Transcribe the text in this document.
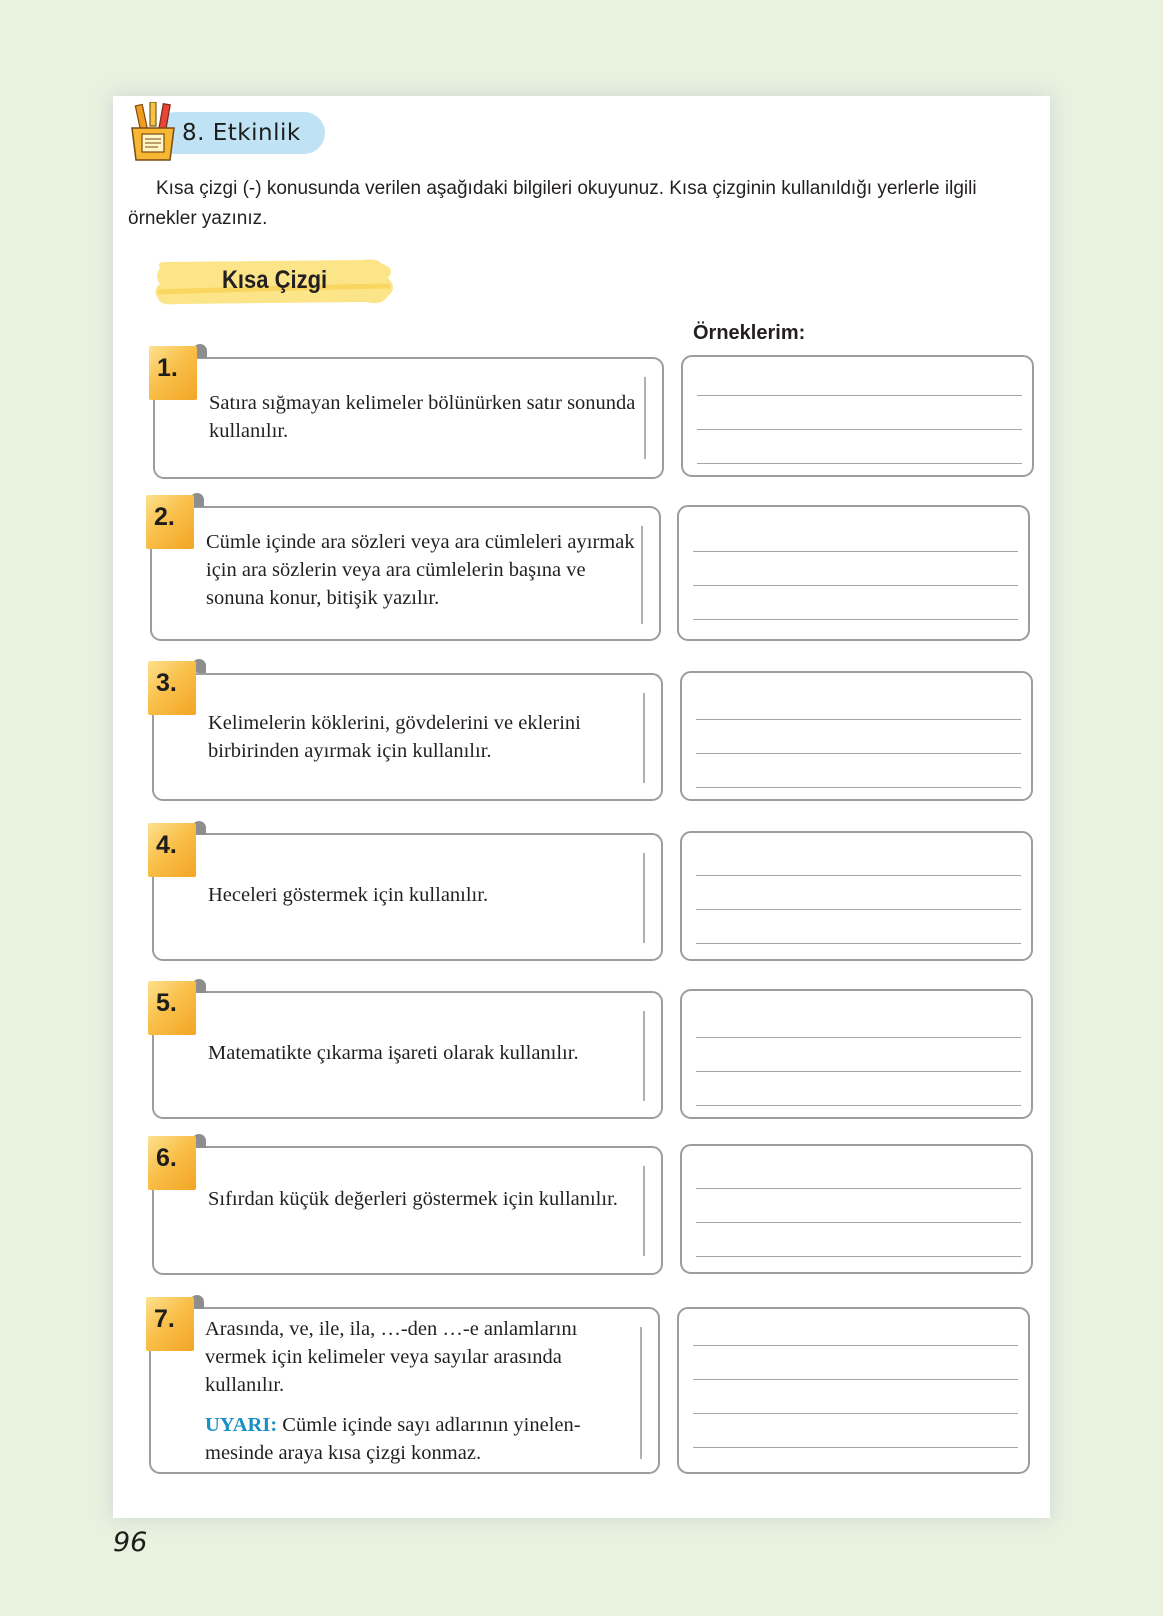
8. Etkinlik
Kısa çizgi (-) konusunda verilen aşağıdaki bilgileri okuyunuz. Kısa çizginin kullanıldığı yerlerle ilgili örnekler yazınız.
Kısa Çizgi
Örneklerim:
Satıra sığmayan kelimeler bölünürken satır sonunda kullanılır.
1.
Cümle içinde ara sözleri veya ara cümleleri ayırmak için ara sözlerin veya ara cümlelerin başına ve sonuna konur, bitişik yazılır.
2.
Kelimelerin köklerini, gövdelerini ve eklerini birbirinden ayırmak için kullanılır.
3.
Heceleri göstermek için kullanılır.
4.
Matematikte çıkarma işareti olarak kullanılır.
5.
Sıfırdan küçük değerleri göstermek için kullanılır.
6.
Arasında, ve, ile, ila, …-den …-e anlamlarını vermek için kelimeler veya sayılar arasında kullanılır.
UYARI: Cümle içinde sayı adlarının yinelenmesinde araya kısa çizgi konmaz.
7.
96
